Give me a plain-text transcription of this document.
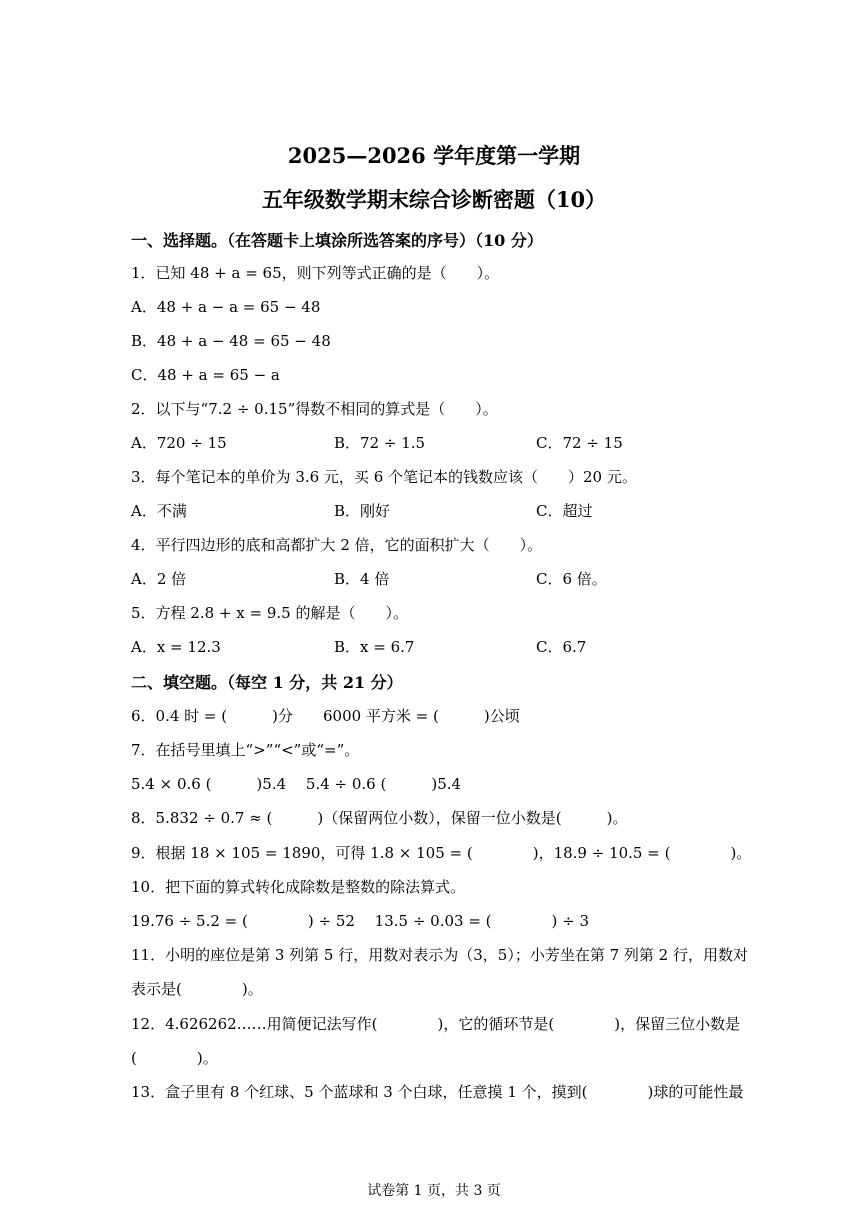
2025—2026 学年度第一学期
五年级数学期末综合诊断密题（10）
一、选择题。（在答题卡上填涂所选答案的序号）（10 分）
1．已知 48 + a = 65，则下列等式正确的是（　　）。
A．48 + a − a = 65 − 48
B．48 + a − 48 = 65 − 48
C．48 + a = 65 − a
2．以下与“7.2 ÷ 0.15”得数不相同的算式是（　　）。
A．720 ÷ 15	B．72 ÷ 1.5	C．72 ÷ 15
3．每个笔记本的单价为 3.6 元，买 6 个笔记本的钱数应该（　　）20 元。
A．不满	B．刚好	C．超过
4．平行四边形的底和高都扩大 2 倍，它的面积扩大（　　）。
A．2 倍	B．4 倍	C．6 倍。
5．方程 2.8 + x = 9.5 的解是（　　）。
A．x = 12.3	B．x = 6.7	C．6.7
二、填空题。（每空 1 分，共 21 分）
6．0.4 时 = (　　　)分　　6000 平方米 = (　　　)公顷
7．在括号里填上“>”“<”或“=”。
5.4 × 0.6 (　　　)5.4　 5.4 ÷ 0.6 (　　　)5.4
8．5.832 ÷ 0.7 ≈ (　　　)（保留两位小数），保留一位小数是(　　　)。
9．根据 18 × 105 = 1890，可得 1.8 × 105 = (　　　　)，18.9 ÷ 10.5 = (　　　　)。
10．把下面的算式转化成除数是整数的除法算式。
19.76 ÷ 5.2 = (　　　　) ÷ 52　 13.5 ÷ 0.03 = (　　　　) ÷ 3
11．小明的座位是第 3 列第 5 行，用数对表示为（3，5）；小芳坐在第 7 列第 2 行，用数对
表示是(　　　　)。
12．4.626262……用简便记法写作(　　　　)，它的循环节是(　　　　)，保留三位小数是
(　　　　)。
13．盒子里有 8 个红球、5 个蓝球和 3 个白球，任意摸 1 个，摸到(　　　　)球的可能性最
试卷第 1 页，共 3 页
